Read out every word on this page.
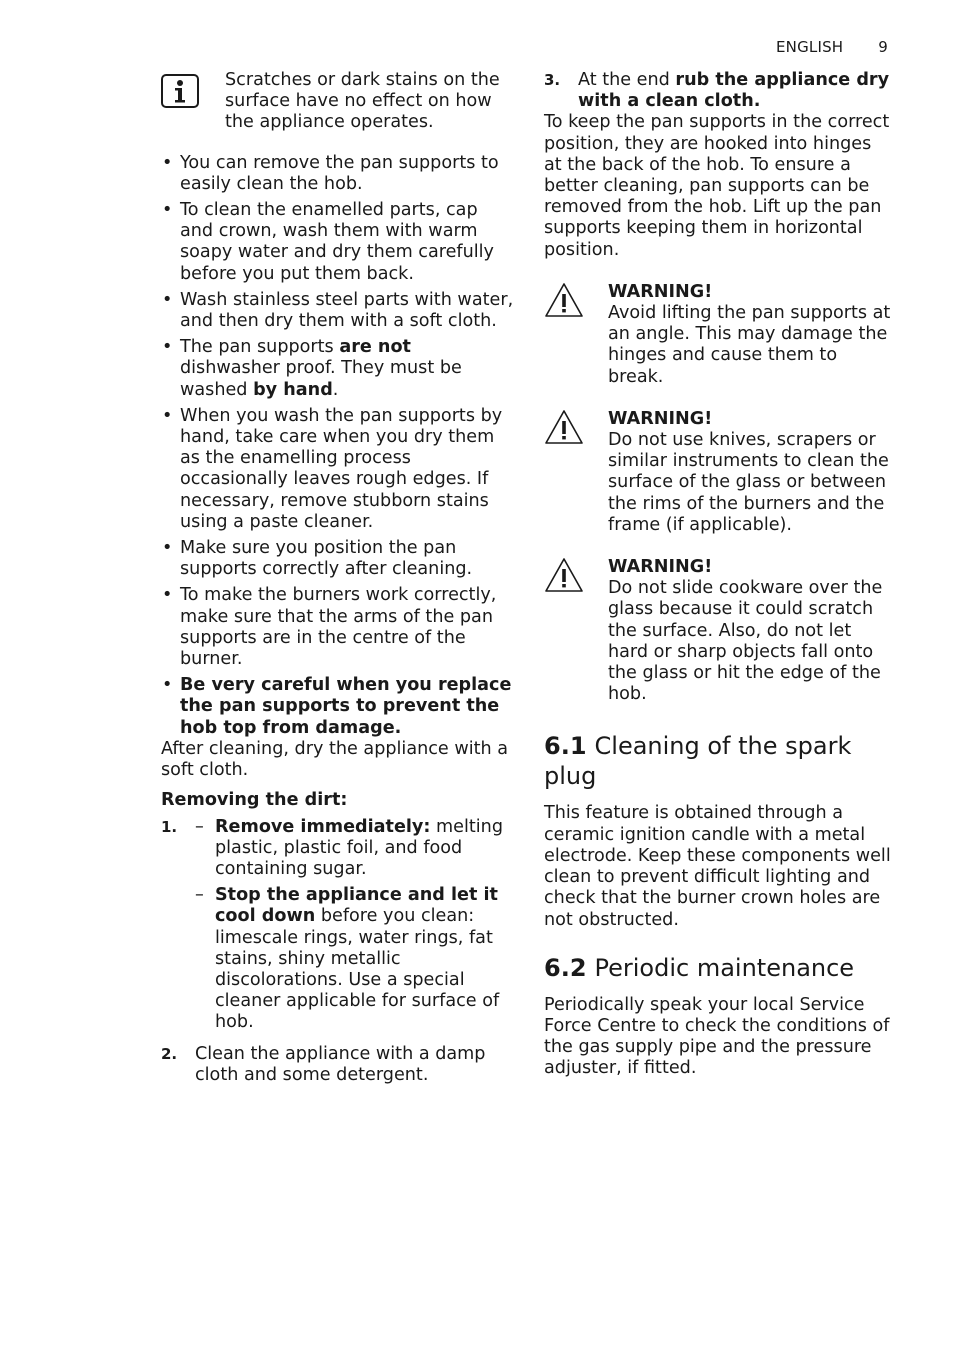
ENGLISH 9
Scratches or dark stains on the surface have no effect on how the appliance operates.
• You can remove the pan supports to easily clean the hob.
• To clean the enamelled parts, cap and crown, wash them with warm soapy water and dry them carefully before you put them back.
• Wash stainless steel parts with water, and then dry them with a soft cloth.
• The pan supports are not dishwasher proof. They must be washed by hand.
• When you wash the pan supports by hand, take care when you dry them as the enamelling process occasionally leaves rough edges. If necessary, remove stubborn stains using a paste cleaner.
• Make sure you position the pan supports correctly after cleaning.
• To make the burners work correctly, make sure that the arms of the pan supports are in the centre of the burner.
• Be very careful when you replace the pan supports to prevent the hob top from damage.
After cleaning, dry the appliance with a soft cloth.
Removing the dirt:
1.	– Remove immediately: melting plastic, plastic foil, and food containing sugar.
– Stop the appliance and let it cool down before you clean: limescale rings, water rings, fat stains, shiny metallic discolorations. Use a special cleaner applicable for surface of hob.
2.	Clean the appliance with a damp cloth and some detergent.
3.	At the end rub the appliance dry with a clean cloth.
To keep the pan supports in the correct position, they are hooked into hinges at the back of the hob. To ensure a better cleaning, pan supports can be removed from the hob. Lift up the pan supports keeping them in horizontal position.
WARNING!
Avoid lifting the pan supports at an angle. This may damage the hinges and cause them to break.
WARNING!
Do not use knives, scrapers or similar instruments to clean the surface of the glass or between the rims of the burners and the frame (if applicable).
WARNING!
Do not slide cookware over the glass because it could scratch the surface. Also, do not let hard or sharp objects fall onto the glass or hit the edge of the hob.
6.1 Cleaning of the spark plug
This feature is obtained through a ceramic ignition candle with a metal electrode. Keep these components well clean to prevent difficult lighting and check that the burner crown holes are not obstructed.
6.2 Periodic maintenance
Periodically speak your local Service Force Centre to check the conditions of the gas supply pipe and the pressure adjuster, if fitted.
